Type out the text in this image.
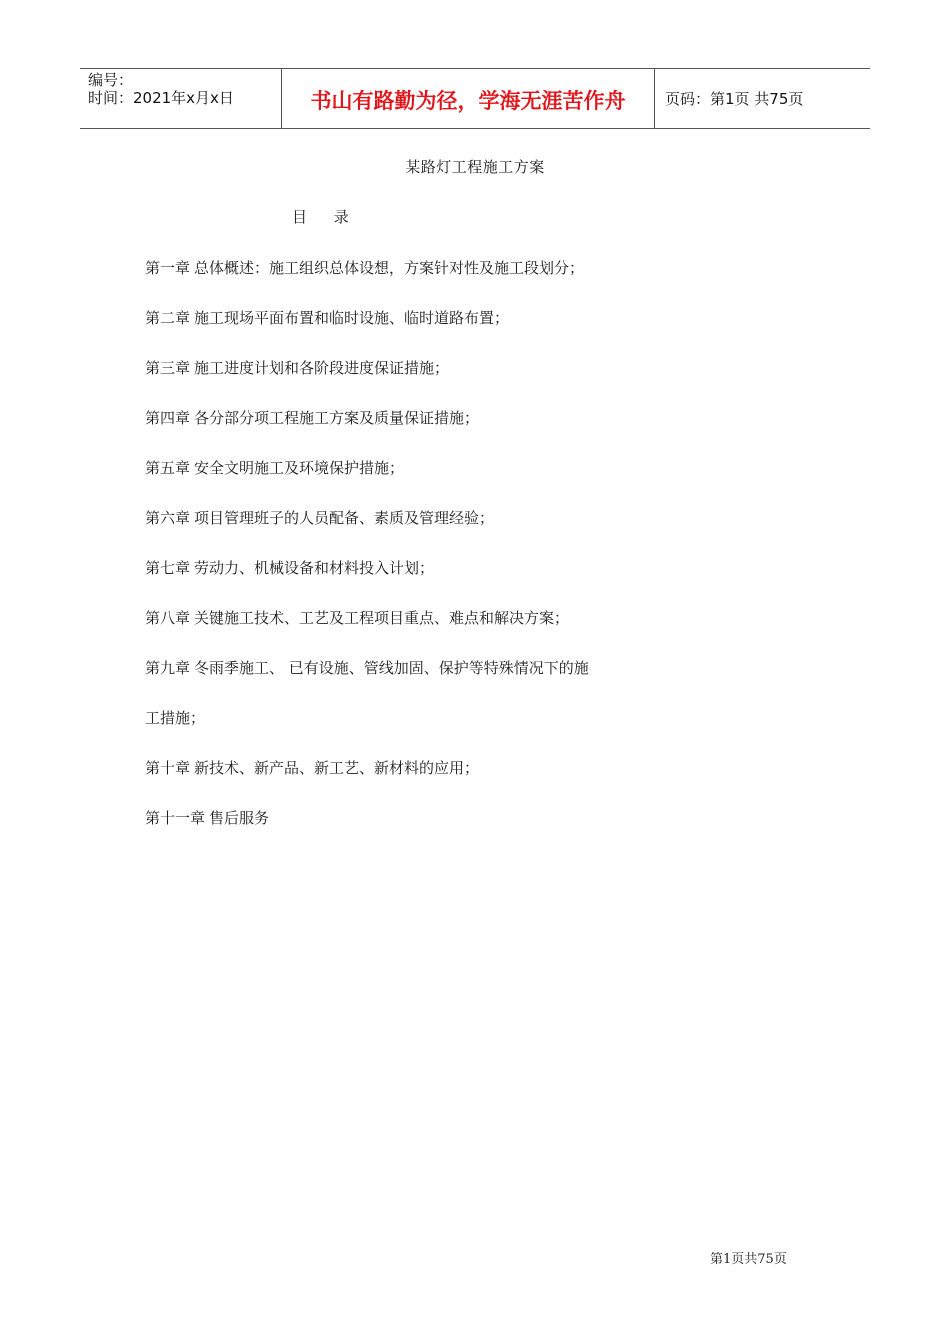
编号：
时间：2021年x月x日	书山有路勤为径，学海无涯苦作舟	页码：第1页 共75页
某路灯工程施工方案
目 录
第一章 总体概述：施工组织总体设想，方案针对性及施工段划分；
第二章 施工现场平面布置和临时设施、临时道路布置；
第三章 施工进度计划和各阶段进度保证措施；
第四章 各分部分项工程施工方案及质量保证措施；
第五章 安全文明施工及环境保护措施；
第六章 项目管理班子的人员配备、素质及管理经验；
第七章 劳动力、机械设备和材料投入计划；
第八章 关键施工技术、工艺及工程项目重点、难点和解决方案；
第九章 冬雨季施工、 已有设施、管线加固、保护等特殊情况下的施
工措施；
第十章 新技术、新产品、新工艺、新材料的应用；
第十一章 售后服务
第1页共75页
